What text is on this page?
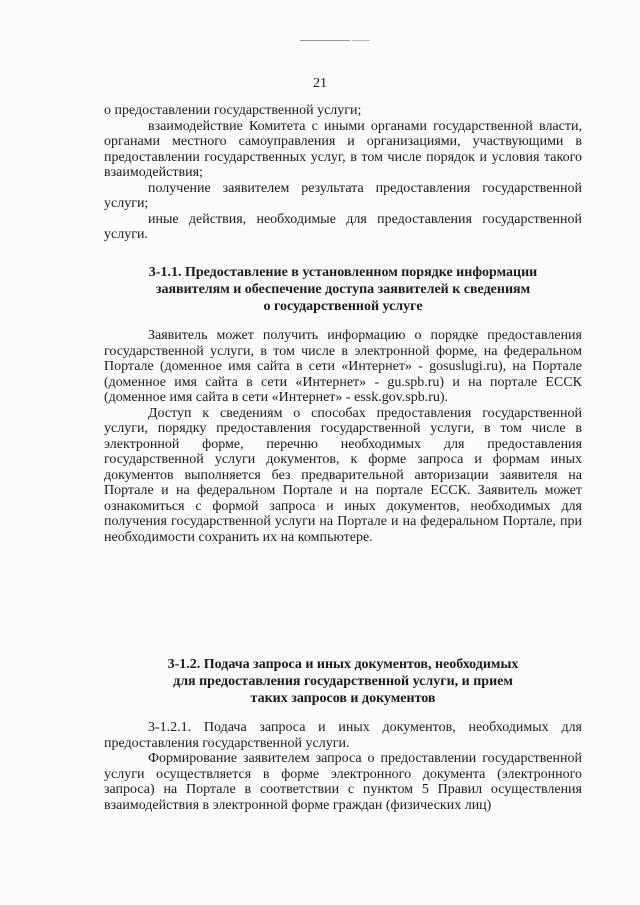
21

о предоставлении государственной услуги;

взаимодействие Комитета с иными органами государственной власти, органами местного самоуправления и организациями, участвующими в предоставлении государственных услуг, в том числе порядок и условия такого взаимодействия;

получение заявителем результата предоставления государственной услуги;

иные действия, необходимые для предоставления государственной услуги.

3-1.1. Предоставление в установленном порядке информации
заявителям и обеспечение доступа заявителей к сведениям
о государственной услуге

Заявитель может получить информацию о порядке предоставления государственной услуги, в том числе в электронной форме, на федеральном Портале (доменное имя сайта в сети «Интернет» - gosuslugi.ru), на Портале (доменное имя сайта в сети «Интернет» - gu.spb.ru) и на портале ЕССК (доменное имя сайта в сети «Интернет» - essk.gov.spb.ru).

Доступ к сведениям о способах предоставления государственной услуги, порядку предоставления государственной услуги, в том числе в электронной форме, перечню необходимых для предоставления государственной услуги документов, к форме запроса и формам иных документов выполняется без предварительной авторизации заявителя на Портале и на федеральном Портале и на портале ЕССК. Заявитель может ознакомиться с формой запроса и иных документов, необходимых для получения государственной услуги на Портале и на федеральном Портале, при необходимости сохранить их на компьютере.

3-1.2. Подача запроса и иных документов, необходимых
для предоставления государственной услуги, и прием
таких запросов и документов

3-1.2.1. Подача запроса и иных документов, необходимых для предоставления государственной услуги.

Формирование заявителем запроса о предоставлении государственной услуги осуществляется в форме электронного документа (электронного запроса) на Портале в соответствии с пунктом 5 Правил осуществления взаимодействия в электронной форме граждан (физических лиц)
